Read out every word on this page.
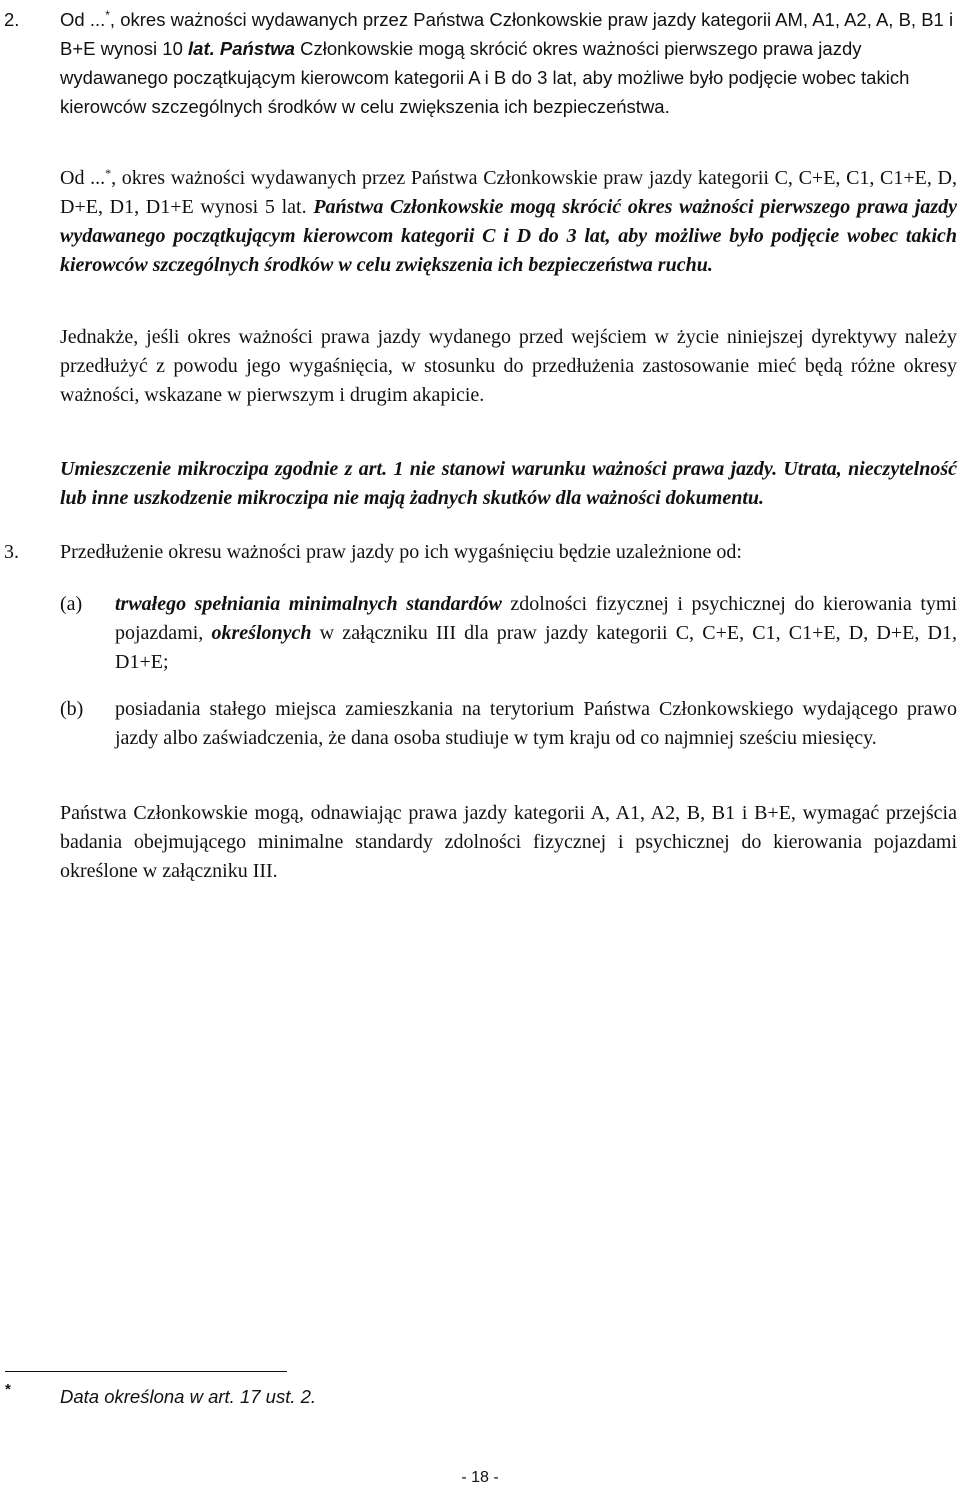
2. Od ...*, okres ważności wydawanych przez Państwa Członkowskie praw jazdy kategorii AM, A1, A2, A, B, B1 i B+E wynosi 10 lat. Państwa Członkowskie mogą skrócić okres ważności pierwszego prawa jazdy wydawanego początkującym kierowcom kategorii A i B do 3 lat, aby możliwe było podjęcie wobec takich kierowców szczególnych środków w celu zwiększenia ich bezpieczeństwa.

Od ...*, okres ważności wydawanych przez Państwa Członkowskie praw jazdy kategorii C, C+E, C1, C1+E, D, D+E, D1, D1+E wynosi 5 lat. Państwa Członkowskie mogą skrócić okres ważności pierwszego prawa jazdy wydawanego początkującym kierowcom kategorii C i D do 3 lat, aby możliwe było podjęcie wobec takich kierowców szczególnych środków w celu zwiększenia ich bezpieczeństwa ruchu.

Jednakże, jeśli okres ważności prawa jazdy wydanego przed wejściem w życie niniejszej dyrektywy należy przedłużyć z powodu jego wygaśnięcia, w stosunku do przedłużenia zastosowanie mieć będą różne okresy ważności, wskazane w pierwszym i drugim akapicie.

Umieszczenie mikroczipa zgodnie z art. 1 nie stanowi warunku ważności prawa jazdy. Utrata, nieczytelność lub inne uszkodzenie mikroczipa nie mają żadnych skutków dla ważności dokumentu.

3. Przedłużenie okresu ważności praw jazdy po ich wygaśnięciu będzie uzależnione od:

(a) trwałego spełniania minimalnych standardów zdolności fizycznej i psychicznej do kierowania tymi pojazdami, określonych w załączniku III dla praw jazdy kategorii C, C+E, C1, C1+E, D, D+E, D1, D1+E;

(b) posiadania stałego miejsca zamieszkania na terytorium Państwa Członkowskiego wydającego prawo jazdy albo zaświadczenia, że dana osoba studiuje w tym kraju od co najmniej sześciu miesięcy.

Państwa Członkowskie mogą, odnawiając prawa jazdy kategorii A, A1, A2, B, B1 i B+E, wymagać przejścia badania obejmującego minimalne standardy zdolności fizycznej i psychicznej do kierowania pojazdami określone w załączniku III.

*	Data określona w art. 17 ust. 2.

- 18 -
